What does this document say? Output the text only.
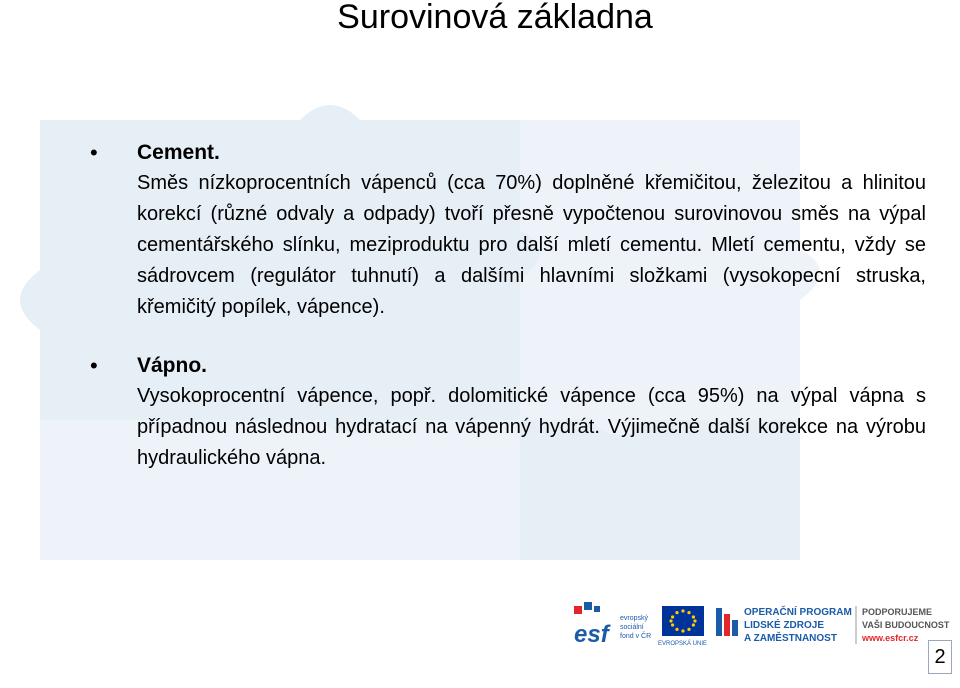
Surovinová základna
• Cement.

Směs nízkoprocentních vápenců (cca 70%) doplněné křemičitou, železitou a hlinitou korekcí (různé odvaly a odpady) tvoří přesně vypočtenou surovinovou směs na výpal cementářského slínku, meziproduktu pro další mletí cementu. Mletí cementu, vždy se sádrovcem (regulátor tuhnutí) a dalšími hlavními složkami (vysokopecní struska, křemičitý popílek, vápence).

• Vápno.

Vysokoprocentní vápence, popř. dolomitické vápence (cca 95%) na výpal vápna s případnou následnou hydratací na vápenný hydrát. Výjimečně další korekce na výrobu hydraulického vápna.

esf
evropský
sociální
fond v ČR
EVROPSKÁ UNIE
OPERAČNÍ PROGRAM
LIDSKÉ ZDROJE
A ZAMĚSTNANOST
PODPORUJEME
VAŠI BUDOUCNOST
www.esfcr.cz
2
